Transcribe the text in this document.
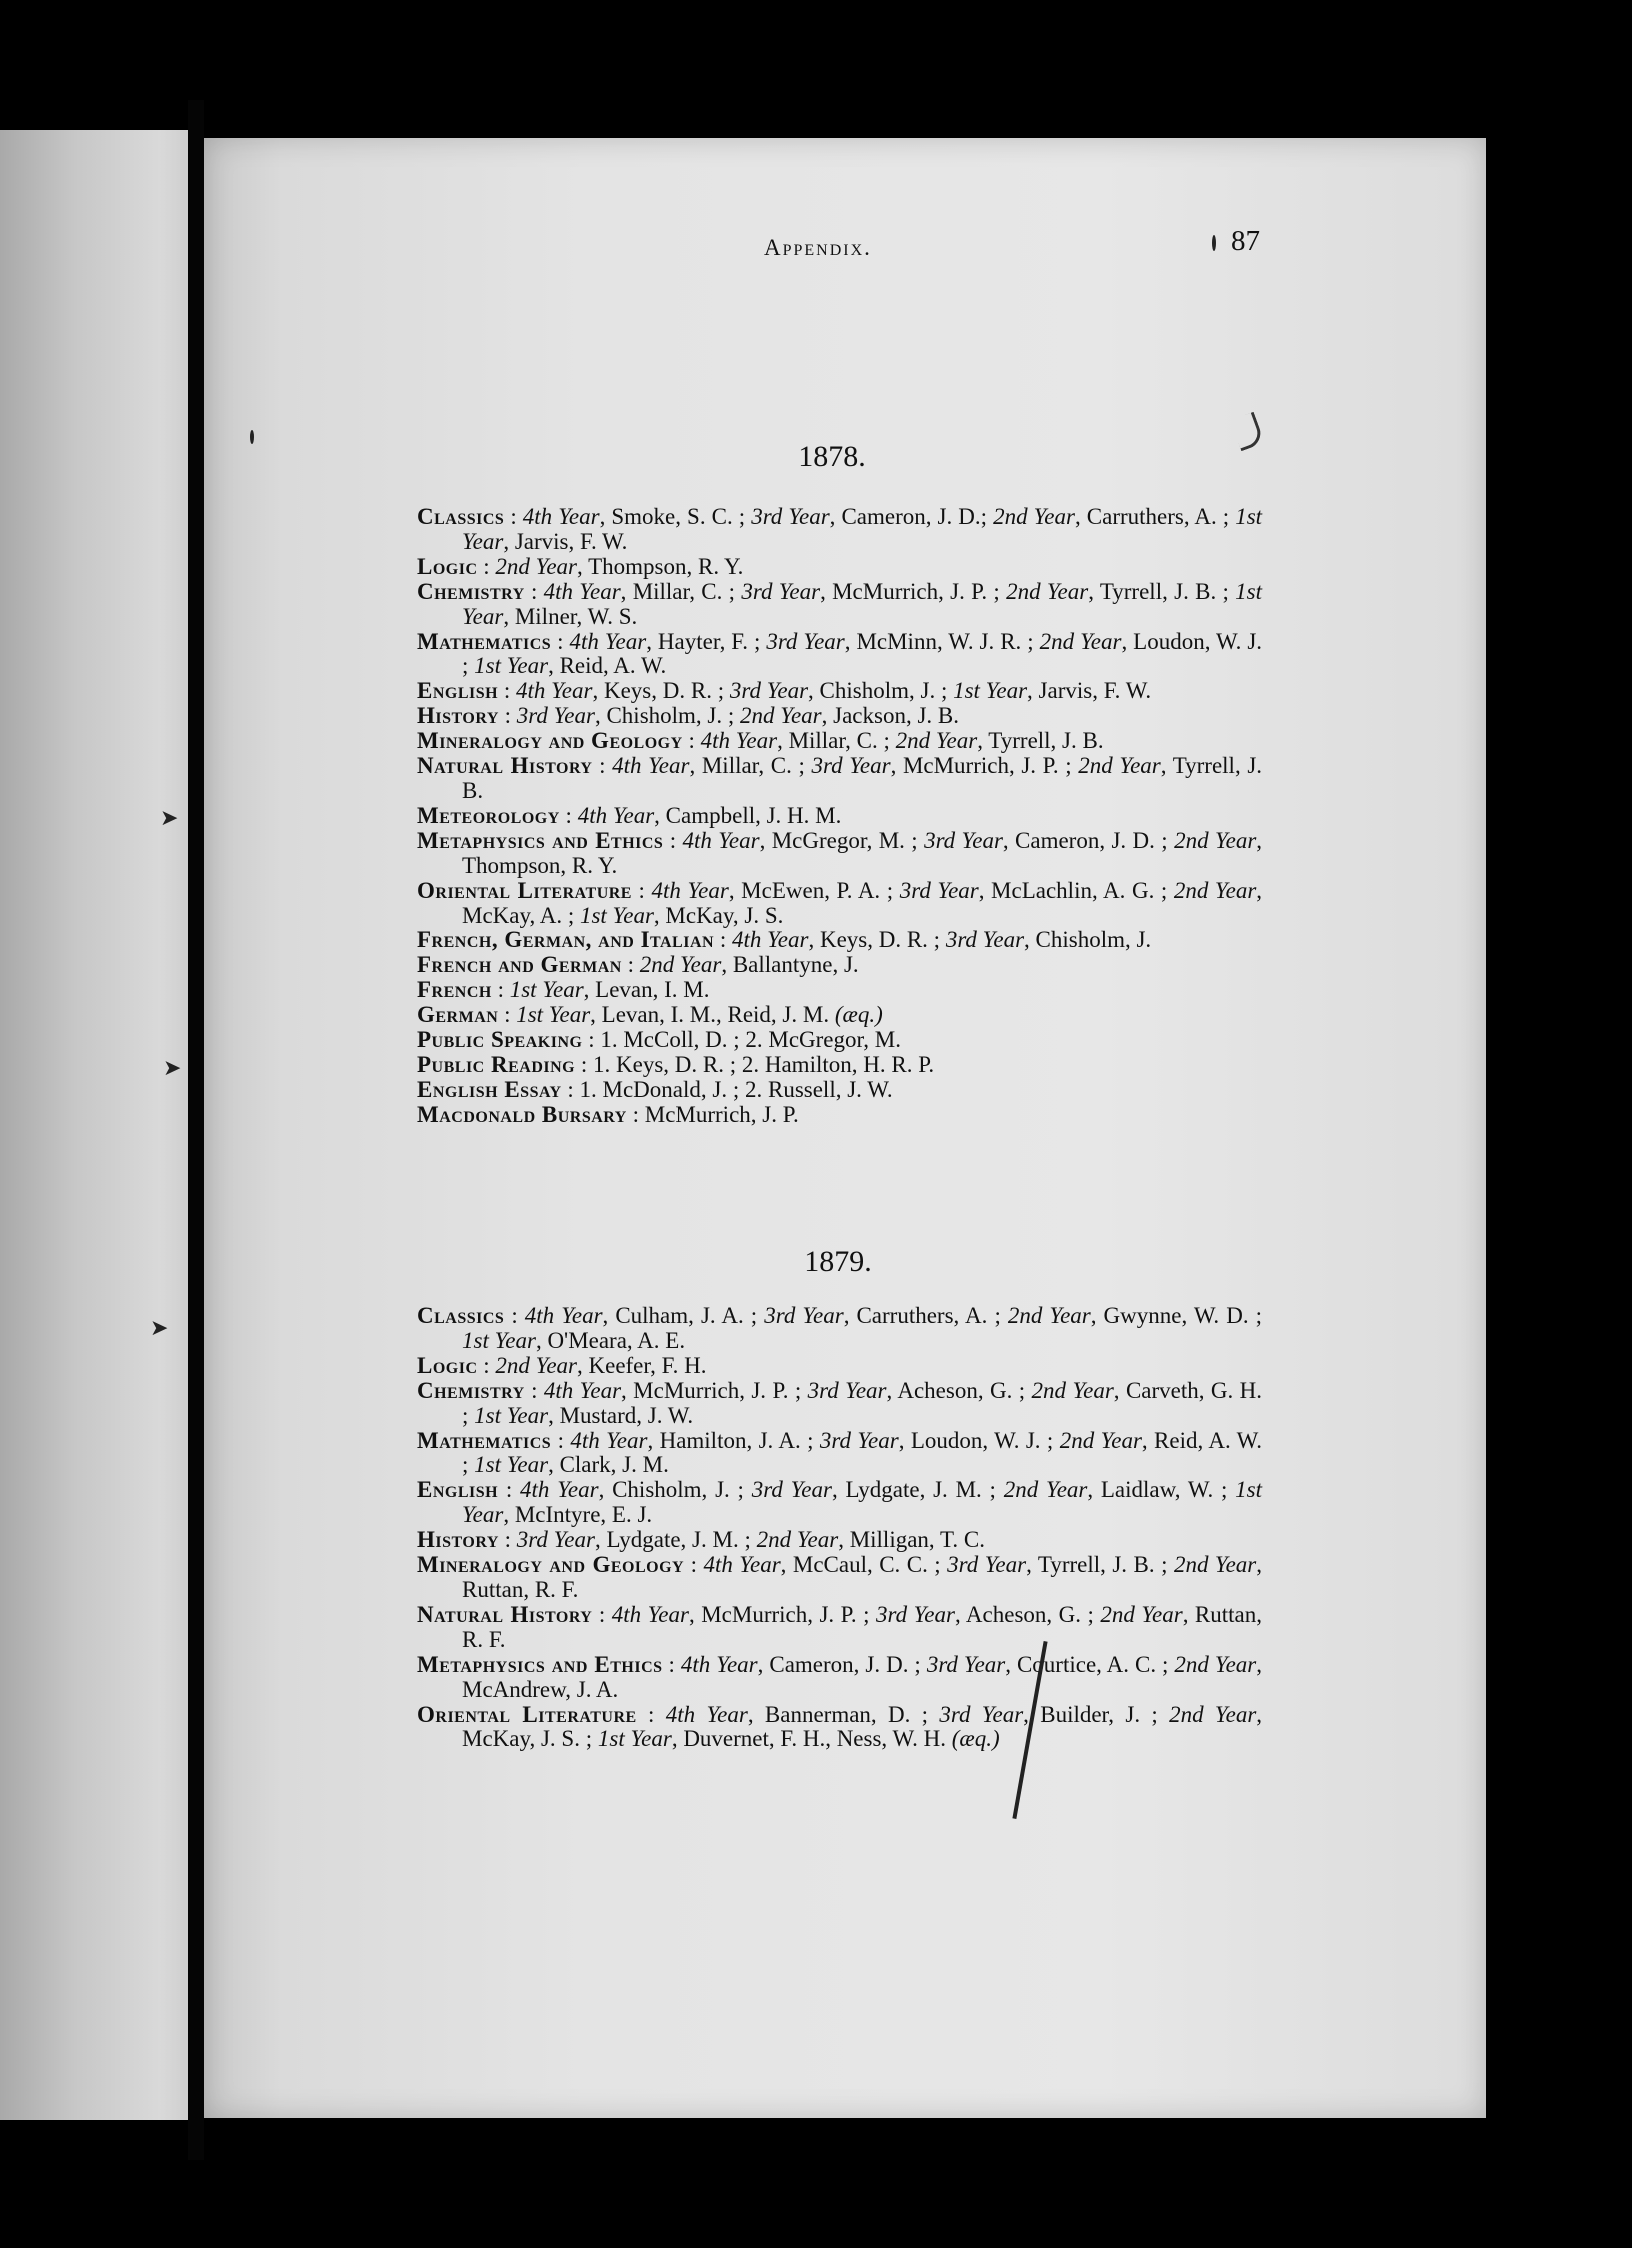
➤
➤
➤
Appendix.	87
1878.
Classics : 4th Year, Smoke, S. C. ; 3rd Year, Cameron, J. D.; 2nd Year, Carruthers, A. ; 1st Year, Jarvis, F. W.
Logic : 2nd Year, Thompson, R. Y.
Chemistry : 4th Year, Millar, C. ; 3rd Year, McMurrich, J. P. ; 2nd Year, Tyrrell, J. B. ; 1st Year, Milner, W. S.
Mathematics : 4th Year, Hayter, F. ; 3rd Year, McMinn, W. J. R. ; 2nd Year, Loudon, W. J. ; 1st Year, Reid, A. W.
English : 4th Year, Keys, D. R. ; 3rd Year, Chisholm, J. ; 1st Year, Jarvis, F. W.
History : 3rd Year, Chisholm, J. ; 2nd Year, Jackson, J. B.
Mineralogy and Geology : 4th Year, Millar, C. ; 2nd Year, Tyrrell, J. B.
Natural History : 4th Year, Millar, C. ; 3rd Year, McMurrich, J. P. ; 2nd Year, Tyrrell, J. B.
Meteorology : 4th Year, Campbell, J. H. M.
Metaphysics and Ethics : 4th Year, McGregor, M. ; 3rd Year, Cameron, J. D. ; 2nd Year, Thompson, R. Y.
Oriental Literature : 4th Year, McEwen, P. A. ; 3rd Year, McLachlin, A. G. ; 2nd Year, McKay, A. ; 1st Year, McKay, J. S.
French, German, and Italian : 4th Year, Keys, D. R. ; 3rd Year, Chisholm, J.
French and German : 2nd Year, Ballantyne, J.
French : 1st Year, Levan, I. M.
German : 1st Year, Levan, I. M., Reid, J. M. (æq.)
Public Speaking : 1. McColl, D. ; 2. McGregor, M.
Public Reading : 1. Keys, D. R. ; 2. Hamilton, H. R. P.
English Essay : 1. McDonald, J. ; 2. Russell, J. W.
Macdonald Bursary : McMurrich, J. P.
1879.
Classics : 4th Year, Culham, J. A. ; 3rd Year, Carruthers, A. ; 2nd Year, Gwynne, W. D. ; 1st Year, O'Meara, A. E.
Logic : 2nd Year, Keefer, F. H.
Chemistry : 4th Year, McMurrich, J. P. ; 3rd Year, Acheson, G. ; 2nd Year, Carveth, G. H. ; 1st Year, Mustard, J. W.
Mathematics : 4th Year, Hamilton, J. A. ; 3rd Year, Loudon, W. J. ; 2nd Year, Reid, A. W. ; 1st Year, Clark, J. M.
English : 4th Year, Chisholm, J. ; 3rd Year, Lydgate, J. M. ; 2nd Year, Laidlaw, W. ; 1st Year, McIntyre, E. J.
History : 3rd Year, Lydgate, J. M. ; 2nd Year, Milligan, T. C.
Mineralogy and Geology : 4th Year, McCaul, C. C. ; 3rd Year, Tyrrell, J. B. ; 2nd Year, Ruttan, R. F.
Natural History : 4th Year, McMurrich, J. P. ; 3rd Year, Acheson, G. ; 2nd Year, Ruttan, R. F.
Metaphysics and Ethics : 4th Year, Cameron, J. D. ; 3rd Year, Courtice, A. C. ; 2nd Year, McAndrew, J. A.
Oriental Literature : 4th Year, Bannerman, D. ; 3rd Year, Builder, J. ; 2nd Year, McKay, J. S. ; 1st Year, Duvernet, F. H., Ness, W. H. (æq.)
